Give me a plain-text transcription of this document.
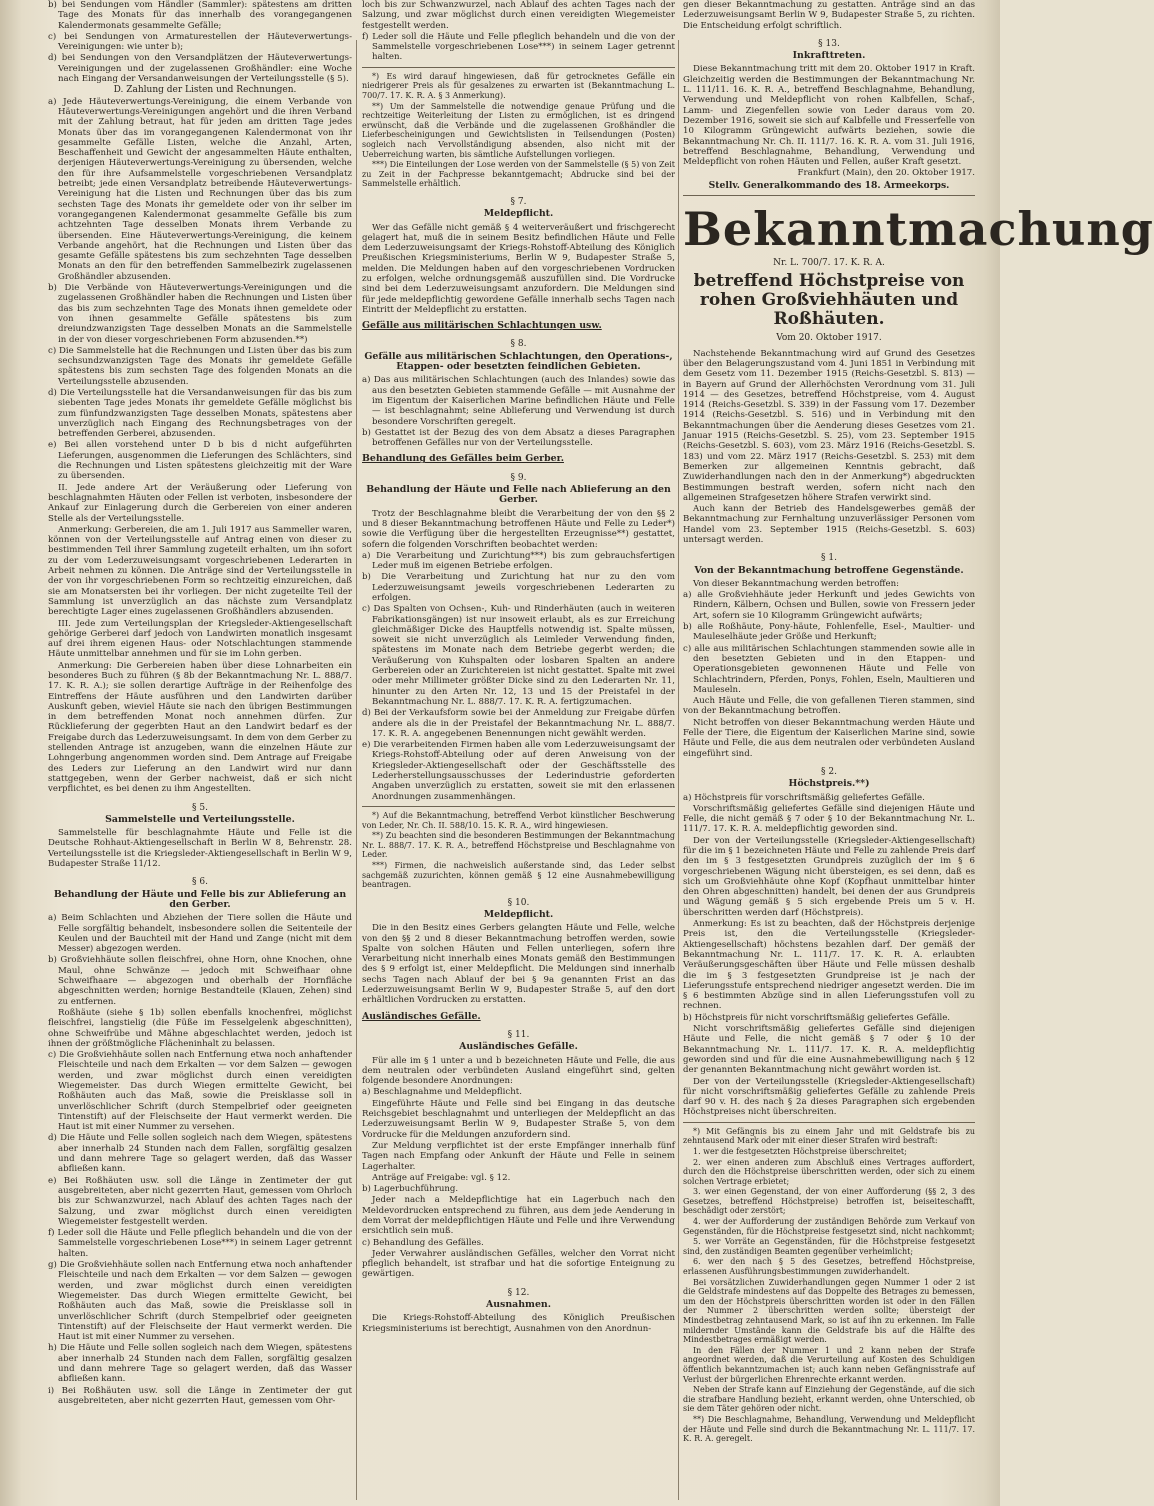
b) bei Sendungen vom Händler (Sammler): spätestens am dritten Tage des Monats für das innerhalb des vorangegangenen Kalendermonats gesammelte Gefälle;

c) bei Sendungen von Armaturestellen der Häuteverwertungs-Vereinigungen: wie unter b);

d) bei Sendungen von den Versandplätzen der Häuteverwertungs-Vereinigungen und der zugelassenen Großhändler: eine Woche nach Eingang der Versandanweisungen der Verteilungsstelle (§ 5).

D. Zahlung der Listen und Rechnungen.

a) Jede Häuteverwertungs-Vereinigung, die einem Verbande von Häuteverwertungs-Vereinigungen angehört und die ihren Verband mit der Zahlung betraut, hat für jeden am dritten Tage jedes Monats über das im vorangegangenen Kalendermonat von ihr gesammelte Gefälle Listen, welche die Anzahl, Arten, Beschaffenheit und Gewicht der angesammelten Häute enthalten, derjenigen Häuteverwertungs-Vereinigung zu übersenden, welche den für ihre Aufsammelstelle vorgeschriebenen Versandplatz betreibt; jede einen Versandplatz betreibende Häuteverwertungs-Vereinigung hat die Listen und Rechnungen über das bis zum sechsten Tage des Monats ihr gemeldete oder von ihr selber im vorangegangenen Kalendermonat gesammelte Gefälle bis zum achtzehnten Tage desselben Monats ihrem Verbande zu übersenden. Eine Häuteverwertungs-Vereinigung, die keinem Verbande angehört, hat die Rechnungen und Listen über das gesamte Gefälle spätestens bis zum sechzehnten Tage desselben Monats an den für den betreffenden Sammelbezirk zugelassenen Großhändler abzusenden.

b) Die Verbände von Häuteverwertungs-Vereinigungen und die zugelassenen Großhändler haben die Rechnungen und Listen über das bis zum sechzehnten Tage des Monats ihnen gemeldete oder von ihnen gesammelte Gefälle spätestens bis zum dreiundzwanzigsten Tage desselben Monats an die Sammelstelle in der von dieser vorgeschriebenen Form abzusenden.**)

c) Die Sammelstelle hat die Rechnungen und Listen über das bis zum sechsundzwanzigsten Tage des Monats ihr gemeldete Gefälle spätestens bis zum sechsten Tage des folgenden Monats an die Verteilungsstelle abzusenden.

d) Die Verteilungsstelle hat die Versandanweisungen für das bis zum siebenten Tage jedes Monats ihr gemeldete Gefälle möglichst bis zum fünfundzwanzigsten Tage desselben Monats, spätestens aber unverzüglich nach Eingang des Rechnungsbetrages von der betreffenden Gerberei, abzusenden.

e) Bei allen vorstehend unter D b bis d nicht aufgeführten Lieferungen, ausgenommen die Lieferungen des Schlächters, sind die Rechnungen und Listen spätestens gleichzeitig mit der Ware zu übersenden.

II. Jede andere Art der Veräußerung oder Lieferung von beschlagnahmten Häuten oder Fellen ist verboten, insbesondere der Ankauf zur Einlagerung durch die Gerbereien von einer anderen Stelle als der Verteilungsstelle.

Anmerkung: Gerbereien, die am 1. Juli 1917 aus Sammeller waren, können von der Verteilungsstelle auf Antrag einen von dieser zu bestimmenden Teil ihrer Sammlung zugeteilt erhalten, um ihn sofort zu der vom Lederzuweisungsamt vorgeschriebenen Lederarten in Arbeit nehmen zu können. Die Anträge sind der Verteilungsstelle in der von ihr vorgeschriebenen Form so rechtzeitig einzureichen, daß sie am Monatsersten bei ihr vorliegen. Der nicht zugeteilte Teil der Sammlung ist unverzüglich an das nächste zum Versandplatz berechtigte Lager eines zugelassenen Großhändlers abzusenden.

III. Jede zum Verteilungsplan der Kriegsleder-Aktiengesellschaft gehörige Gerberei darf jedoch von Landwirten monatlich insgesamt auf drei ihrem eigenen Haus- oder Notschlachtungen stammende Häute unmittelbar annehmen und für sie im Lohn gerben.

Anmerkung: Die Gerbereien haben über diese Lohnarbeiten ein besonderes Buch zu führen (§ 8b der Bekanntmachung Nr. L. 888/7. 17. K. R. A.); sie sollen derartige Aufträge in der Reihenfolge des Eintreffens der Häute ausführen und den Landwirten darüber Auskunft geben, wieviel Häute sie nach den übrigen Bestimmungen in dem betreffenden Monat noch annehmen dürfen. Zur Rücklieferung der gegerbten Haut an den Landwirt bedarf es der Freigabe durch das Lederzuweisungsamt. In dem von dem Gerber zu stellenden Antrage ist anzugeben, wann die einzelnen Häute zur Lohngerbung angenommen worden sind. Dem Antrage auf Freigabe des Leders zur Lieferung an den Landwirt wird nur dann stattgegeben, wenn der Gerber nachweist, daß er sich nicht verpflichtet, es bei denen zu ihm Angestellten.

§ 5.
Sammelstelle und Verteilungsstelle.

Sammelstelle für beschlagnahmte Häute und Felle ist die Deutsche Rohhaut-Aktiengesellschaft in Berlin W 8, Behrenstr. 28. Verteilungsstelle ist die Kriegsleder-Aktiengesellschaft in Berlin W 9, Budapester Straße 11/12.

§ 6.
Behandlung der Häute und Felle bis zur Ablieferung an den Gerber.

a) Beim Schlachten und Abziehen der Tiere sollen die Häute und Felle sorgfältig behandelt, insbesondere sollen die Seitenteile der Keulen und der Bauchteil mit der Hand und Zange (nicht mit dem Messer) abgezogen werden.

b) Großviehhäute sollen fleischfrei, ohne Horn, ohne Knochen, ohne Maul, ohne Schwänze — jedoch mit Schweifhaar ohne Schweifhaare — abgezogen und oberhalb der Hornfläche abgeschnitten werden; hornige Bestandteile (Klauen, Zehen) sind zu entfernen.

Roßhäute (siehe § 1b) sollen ebenfalls knochenfrei, möglichst fleischfrei, langstielig (die Füße im Fesselgelenk abgeschnitten), ohne Schweifrübe und Mähne abgeschlachtet werden, jedoch ist ihnen der größtmögliche Flächeninhalt zu belassen.

c) Die Großviehhäute sollen nach Entfernung etwa noch anhaftender Fleischteile und nach dem Erkalten — vor dem Salzen — gewogen werden, und zwar möglichst durch einen vereidigten Wiegemeister. Das durch Wiegen ermittelte Gewicht, bei Roßhäuten auch das Maß, sowie die Preisklasse soll in unverlöschlicher Schrift (durch Stempelbrief oder geeigneten Tintenstift) auf der Fleischseite der Haut vermerkt werden. Die Haut ist mit einer Nummer zu versehen.

d) Die Häute und Felle sollen sogleich nach dem Wiegen, spätestens aber innerhalb 24 Stunden nach dem Fallen, sorgfältig gesalzen und dann mehrere Tage so gelagert werden, daß das Wasser abfließen kann.

e) Bei Roßhäuten usw. soll die Länge in Zentimeter der gut ausgebreiteten, aber nicht gezerrten Haut, gemessen vom Ohrloch bis zur Schwanzwurzel, nach Ablauf des achten Tages nach der Salzung, und zwar möglichst durch einen vereidigten Wiegemeister festgestellt werden.

f) Leder soll die Häute und Felle pfleglich behandeln und die von der Sammelstelle vorgeschriebenen Lose***) in seinem Lager getrennt halten.

g) Die Großviehhäute sollen nach Entfernung etwa noch anhaftender Fleischteile und nach dem Erkalten — vor dem Salzen — gewogen werden, und zwar möglichst durch einen vereidigten Wiegemeister. Das durch Wiegen ermittelte Gewicht, bei Roßhäuten auch das Maß, sowie die Preisklasse soll in unverlöschlicher Schrift (durch Stempelbrief oder geeigneten Tintenstift) auf der Fleischseite der Haut vermerkt werden. Die Haut ist mit einer Nummer zu versehen.

h) Die Häute und Felle sollen sogleich nach dem Wiegen, spätestens aber innerhalb 24 Stunden nach dem Fallen, sorgfältig gesalzen und dann mehrere Tage so gelagert werden, daß das Wasser abfließen kann.

i) Bei Roßhäuten usw. soll die Länge in Zentimeter der gut ausgebreiteten, aber nicht gezerrten Haut, gemessen vom Ohr-

loch bis zur Schwanzwurzel, nach Ablauf des achten Tages nach der Salzung, und zwar möglichst durch einen vereidigten Wiegemeister festgestellt werden.

f) Leder soll die Häute und Felle pfleglich behandeln und die von der Sammelstelle vorgeschriebenen Lose***) in seinem Lager getrennt halten.

*) Es wird darauf hingewiesen, daß für getrocknetes Gefälle ein niedrigerer Preis als für gesalzenes zu erwarten ist (Bekanntmachung L. 700/7. 17. K. R. A. § 3 Anmerkung).

**) Um der Sammelstelle die notwendige genaue Prüfung und die rechtzeitige Weiterleitung der Listen zu ermöglichen, ist es dringend erwünscht, daß die Verbände und die zugelassenen Großhändler die Lieferbescheinigungen und Gewichtslisten in Teilsendungen (Posten) sogleich nach Vervollständigung absenden, also nicht mit der Ueberreichung warten, bis sämtliche Aufstellungen vorliegen.

***) Die Einteilungen der Lose werden von der Sammelstelle (§ 5) von Zeit zu Zeit in der Fachpresse bekanntgemacht; Abdrucke sind bei der Sammelstelle erhältlich.

§ 7.
Meldepflicht.

Wer das Gefälle nicht gemäß § 4 weiterveräußert und frischgerecht gelagert hat, muß die in seinem Besitz befindlichen Häute und Felle dem Lederzuweisungsamt der Kriegs-Rohstoff-Abteilung des Königlich Preußischen Kriegsministeriums, Berlin W 9, Budapester Straße 5, melden. Die Meldungen haben auf den vorgeschriebenen Vordrucken zu erfolgen, welche ordnungsgemäß auszufüllen sind. Die Vordrucke sind bei dem Lederzuweisungsamt anzufordern. Die Meldungen sind für jede meldepflichtig gewordene Gefälle innerhalb sechs Tagen nach Eintritt der Meldepflicht zu erstatten.

Gefälle aus militärischen Schlachtungen usw.
§ 8.
Gefälle aus militärischen Schlachtungen, den Operations-, Etappen- oder besetzten feindlichen Gebieten.

a) Das aus militärischen Schlachtungen (auch des Inlandes) sowie das aus den besetzten Gebieten stammende Gefälle — mit Ausnahme der im Eigentum der Kaiserlichen Marine befindlichen Häute und Felle — ist beschlagnahmt; seine Ablieferung und Verwendung ist durch besondere Vorschriften geregelt.

b) Gestattet ist der Bezug des von dem Absatz a dieses Paragraphen betroffenen Gefälles nur von der Verteilungsstelle.

Behandlung des Gefälles beim Gerber.
§ 9.
Behandlung der Häute und Felle nach Ablieferung an den Gerber.

Trotz der Beschlagnahme bleibt die Verarbeitung der von den §§ 2 und 8 dieser Bekanntmachung betroffenen Häute und Felle zu Leder*) sowie die Verfügung über die hergestellten Erzeugnisse**) gestattet, sofern die folgenden Vorschriften beobachtet werden:

a) Die Verarbeitung und Zurichtung***) bis zum gebrauchsfertigen Leder muß im eigenen Betriebe erfolgen.

b) Die Verarbeitung und Zurichtung hat nur zu den vom Lederzuweisungsamt jeweils vorgeschriebenen Lederarten zu erfolgen.

c) Das Spalten von Ochsen-, Kuh- und Rinderhäuten (auch in weiteren Fabrikationsgängen) ist nur insoweit erlaubt, als es zur Erreichung gleichmäßiger Dicke des Hauptfells notwendig ist. Spalte müssen, soweit sie nicht unverzüglich als Leimleder Verwendung finden, spätestens im Monate nach dem Betriebe gegerbt werden; die Veräußerung von Kuhspalten oder losbaren Spalten an andere Gerbereien oder an Zurichtereien ist nicht gestattet. Spalte mit zwei oder mehr Millimeter größter Dicke sind zu den Lederarten Nr. 11, hinunter zu den Arten Nr. 12, 13 und 15 der Preistafel in der Bekanntmachung Nr. L. 888/7. 17. K. R. A. fertigzumachen.

d) Bei der Verkaufsform sowie bei der Anmeldung zur Freigabe dürfen andere als die in der Preistafel der Bekanntmachung Nr. L. 888/7. 17. K. R. A. angegebenen Benennungen nicht gewählt werden.

e) Die verarbeitenden Firmen haben alle vom Lederzuweisungsamt der Kriegs-Rohstoff-Abteilung oder auf deren Anweisung von der Kriegsleder-Aktiengesellschaft oder der Geschäftsstelle des Lederherstellungsausschusses der Lederindustrie geforderten Angaben unverzüglich zu erstatten, soweit sie mit den erlassenen Anordnungen zusammenhängen.

*) Auf die Bekanntmachung, betreffend Verbot künstlicher Beschwerung von Leder, Nr. Ch. II. 588/10. 15. K. R. A., wird hingewiesen.

**) Zu beachten sind die besonderen Bestimmungen der Bekanntmachung Nr. L. 888/7. 17. K. R. A., betreffend Höchstpreise und Beschlagnahme von Leder.

***) Firmen, die nachweislich außerstande sind, das Leder selbst sachgemäß zuzurichten, können gemäß § 12 eine Ausnahmebewilligung beantragen.

§ 10.
Meldepflicht.

Die in den Besitz eines Gerbers gelangten Häute und Felle, welche von den §§ 2 und 8 dieser Bekanntmachung betroffen werden, sowie Spalte von solchen Häuten und Fellen unterliegen, sofern ihre Verarbeitung nicht innerhalb eines Monats gemäß den Bestimmungen des § 9 erfolgt ist, einer Meldepflicht. Die Meldungen sind innerhalb sechs Tagen nach Ablauf der bei § 9a genannten Frist an das Lederzuweisungsamt Berlin W 9, Budapester Straße 5, auf den dort erhältlichen Vordrucken zu erstatten.

Ausländisches Gefälle.
§ 11.
Ausländisches Gefälle.

Für alle im § 1 unter a und b bezeichneten Häute und Felle, die aus dem neutralen oder verbündeten Ausland eingeführt sind, gelten folgende besondere Anordnungen:

a) Beschlagnahme und Meldepflicht.

Eingeführte Häute und Felle sind bei Eingang in das deutsche Reichsgebiet beschlagnahmt und unterliegen der Meldepflicht an das Lederzuweisungsamt Berlin W 9, Budapester Straße 5, von dem Vordrucke für die Meldungen anzufordern sind.

Zur Meldung verpflichtet ist der erste Empfänger innerhalb fünf Tagen nach Empfang oder Ankunft der Häute und Felle in seinem Lagerhalter.

Anträge auf Freigabe: vgl. § 12.

b) Lagerbuchführung.

Jeder nach a Meldepflichtige hat ein Lagerbuch nach den Meldevordrucken entsprechend zu führen, aus dem jede Aenderung in dem Vorrat der meldepflichtigen Häute und Felle und ihre Verwendung ersichtlich sein muß.

c) Behandlung des Gefälles.

Jeder Verwahrer ausländischen Gefälles, welcher den Vorrat nicht pfleglich behandelt, ist strafbar und hat die sofortige Enteignung zu gewärtigen.

§ 12.
Ausnahmen.

Die Kriegs-Rohstoff-Abteilung des Königlich Preußischen Kriegsministeriums ist berechtigt, Ausnahmen von den Anordnun-

gen dieser Bekanntmachung zu gestatten. Anträge sind an das Lederzuweisungsamt Berlin W 9, Budapester Straße 5, zu richten. Die Entscheidung erfolgt schriftlich.

§ 13.
Inkrafttreten.

Diese Bekanntmachung tritt mit dem 20. Oktober 1917 in Kraft. Gleichzeitig werden die Bestimmungen der Bekanntmachung Nr. L. 111/11. 16. K. R. A., betreffend Beschlagnahme, Behandlung, Verwendung und Meldepflicht von rohen Kalbfellen, Schaf-, Lamm- und Ziegenfellen sowie von Leder daraus vom 20. Dezember 1916, soweit sie sich auf Kalbfelle und Fresserfelle von 10 Kilogramm Grüngewicht aufwärts beziehen, sowie die Bekanntmachung Nr. Ch. II. 111/7. 16. K. R. A. vom 31. Juli 1916, betreffend Beschlagnahme, Behandlung, Verwendung und Meldepflicht von rohen Häuten und Fellen, außer Kraft gesetzt.

Frankfurt (Main), den 20. Oktober 1917.

Stellv. Generalkommando des 18. Armeekorps.
Bekanntmachung
Nr. L. 700/7. 17. K. R. A.
betreffend Höchstpreise von rohen Großviehhäuten und Roßhäuten.
Vom 20. Oktober 1917.

Nachstehende Bekanntmachung wird auf Grund des Gesetzes über den Belagerungszustand vom 4. Juni 1851 in Verbindung mit dem Gesetz vom 11. Dezember 1915 (Reichs-Gesetzbl. S. 813) — in Bayern auf Grund der Allerhöchsten Verordnung vom 31. Juli 1914 — des Gesetzes, betreffend Höchstpreise, vom 4. August 1914 (Reichs-Gesetzbl. S. 339) in der Fassung vom 17. Dezember 1914 (Reichs-Gesetzbl. S. 516) und in Verbindung mit den Bekanntmachungen über die Aenderung dieses Gesetzes vom 21. Januar 1915 (Reichs-Gesetzbl. S. 25), vom 23. September 1915 (Reichs-Gesetzbl. S. 603), vom 23. März 1916 (Reichs-Gesetzbl. S. 183) und vom 22. März 1917 (Reichs-Gesetzbl. S. 253) mit dem Bemerken zur allgemeinen Kenntnis gebracht, daß Zuwiderhandlungen nach den in der Anmerkung*) abgedruckten Bestimmungen bestraft werden, sofern nicht nach den allgemeinen Strafgesetzen höhere Strafen verwirkt sind.

Auch kann der Betrieb des Handelsgewerbes gemäß der Bekanntmachung zur Fernhaltung unzuverlässiger Personen vom Handel vom 23. September 1915 (Reichs-Gesetzbl. S. 603) untersagt werden.

§ 1.
Von der Bekanntmachung betroffene Gegenstände.

Von dieser Bekanntmachung werden betroffen:

a) alle Großviehhäute jeder Herkunft und jedes Gewichts von Rindern, Kälbern, Ochsen und Bullen, sowie von Fressern jeder Art, sofern sie 10 Kilogramm Grüngewicht aufwärts;

b) alle Roßhäute, Pony-häute, Fohlenfelle, Esel-, Maultier- und Mauleselhäute jeder Größe und Herkunft;

c) alle aus militärischen Schlachtungen stammenden sowie alle in den besetzten Gebieten und in den Etappen- und Operationsgebieten gewonnenen Häute und Felle von Schlachtrindern, Pferden, Ponys, Fohlen, Eseln, Maultieren und Mauleseln.

Auch Häute und Felle, die von gefallenen Tieren stammen, sind von der Bekanntmachung betroffen.

Nicht betroffen von dieser Bekanntmachung werden Häute und Felle der Tiere, die Eigentum der Kaiserlichen Marine sind, sowie Häute und Felle, die aus dem neutralen oder verbündeten Ausland eingeführt sind.

§ 2.
Höchstpreis.**)

a) Höchstpreis für vorschriftsmäßig geliefertes Gefälle.

Vorschriftsmäßig geliefertes Gefälle sind diejenigen Häute und Felle, die nicht gemäß § 7 oder § 10 der Bekanntmachung Nr. L. 111/7. 17. K. R. A. meldepflichtig geworden sind.

Der von der Verteilungsstelle (Kriegsleder-Aktiengesellschaft) für die im § 1 bezeichneten Häute und Felle zu zahlende Preis darf den im § 3 festgesetzten Grundpreis zuzüglich der im § 6 vorgeschriebenen Wägung nicht übersteigen, es sei denn, daß es sich um Großviehhäute ohne Kopf (Kopfhaut unmittelbar hinter den Ohren abgeschnitten) handelt, bei denen der aus Grundpreis und Wägung gemäß § 5 sich ergebende Preis um 5 v. H. überschritten werden darf (Höchstpreis).

Anmerkung: Es ist zu beachten, daß der Höchstpreis derjenige Preis ist, den die Verteilungsstelle (Kriegsleder-Aktiengesellschaft) höchstens bezahlen darf. Der gemäß der Bekanntmachung Nr. L. 111/7. 17. K. R. A. erlaubten Veräußerungsgeschäften über Häute und Felle müssen deshalb die im § 3 festgesetzten Grundpreise ist je nach der Lieferungsstufe entsprechend niedriger angesetzt werden. Die im § 6 bestimmten Abzüge sind in allen Lieferungsstufen voll zu rechnen.

b) Höchstpreis für nicht vorschriftsmäßig geliefertes Gefälle.

Nicht vorschriftsmäßig geliefertes Gefälle sind diejenigen Häute und Felle, die nicht gemäß § 7 oder § 10 der Bekanntmachung Nr. L. 111/7. 17. K. R. A. meldepflichtig geworden sind und für die eine Ausnahmebewilligung nach § 12 der genannten Bekanntmachung nicht gewährt worden ist.

Der von der Verteilungsstelle (Kriegsleder-Aktiengesellschaft) für nicht vorschriftsmäßig geliefertes Gefälle zu zahlende Preis darf 90 v. H. des nach § 2a dieses Paragraphen sich ergebenden Höchstpreises nicht überschreiten.

*) Mit Gefängnis bis zu einem Jahr und mit Geldstrafe bis zu zehntausend Mark oder mit einer dieser Strafen wird bestraft:

1. wer die festgesetzten Höchstpreise überschreitet;

2. wer einen anderen zum Abschluß eines Vertrages auffordert, durch den die Höchstpreise überschritten werden, oder sich zu einem solchen Vertrage erbietet;

3. wer einen Gegenstand, der von einer Aufforderung (§§ 2, 3 des Gesetzes, betreffend Höchstpreise) betroffen ist, beiseiteschafft, beschädigt oder zerstört;

4. wer der Aufforderung der zuständigen Behörde zum Verkauf von Gegenständen, für die Höchstpreise festgesetzt sind, nicht nachkommt;

5. wer Vorräte an Gegenständen, für die Höchstpreise festgesetzt sind, den zuständigen Beamten gegenüber verheimlicht;

6. wer den nach § 5 des Gesetzes, betreffend Höchstpreise, erlassenen Ausführungsbestimmungen zuwiderhandelt.

Bei vorsätzlichen Zuwiderhandlungen gegen Nummer 1 oder 2 ist die Geldstrafe mindestens auf das Doppelte des Betrages zu bemessen, um den der Höchstpreis überschritten worden ist oder in den Fällen der Nummer 2 überschritten werden sollte; übersteigt der Mindestbetrag zehntausend Mark, so ist auf ihn zu erkennen. Im Falle mildernder Umstände kann die Geldstrafe bis auf die Hälfte des Mindestbetrages ermäßigt werden.

In den Fällen der Nummer 1 und 2 kann neben der Strafe angeordnet werden, daß die Verurteilung auf Kosten des Schuldigen öffentlich bekanntzumachen ist; auch kann neben Gefängnisstrafe auf Verlust der bürgerlichen Ehrenrechte erkannt werden.

Neben der Strafe kann auf Einziehung der Gegenstände, auf die sich die strafbare Handlung bezieht, erkannt werden, ohne Unterschied, ob sie dem Täter gehören oder nicht.

**) Die Beschlagnahme, Behandlung, Verwendung und Meldepflicht der Häute und Felle sind durch die Bekanntmachung Nr. L. 111/7. 17. K. R. A. geregelt.
